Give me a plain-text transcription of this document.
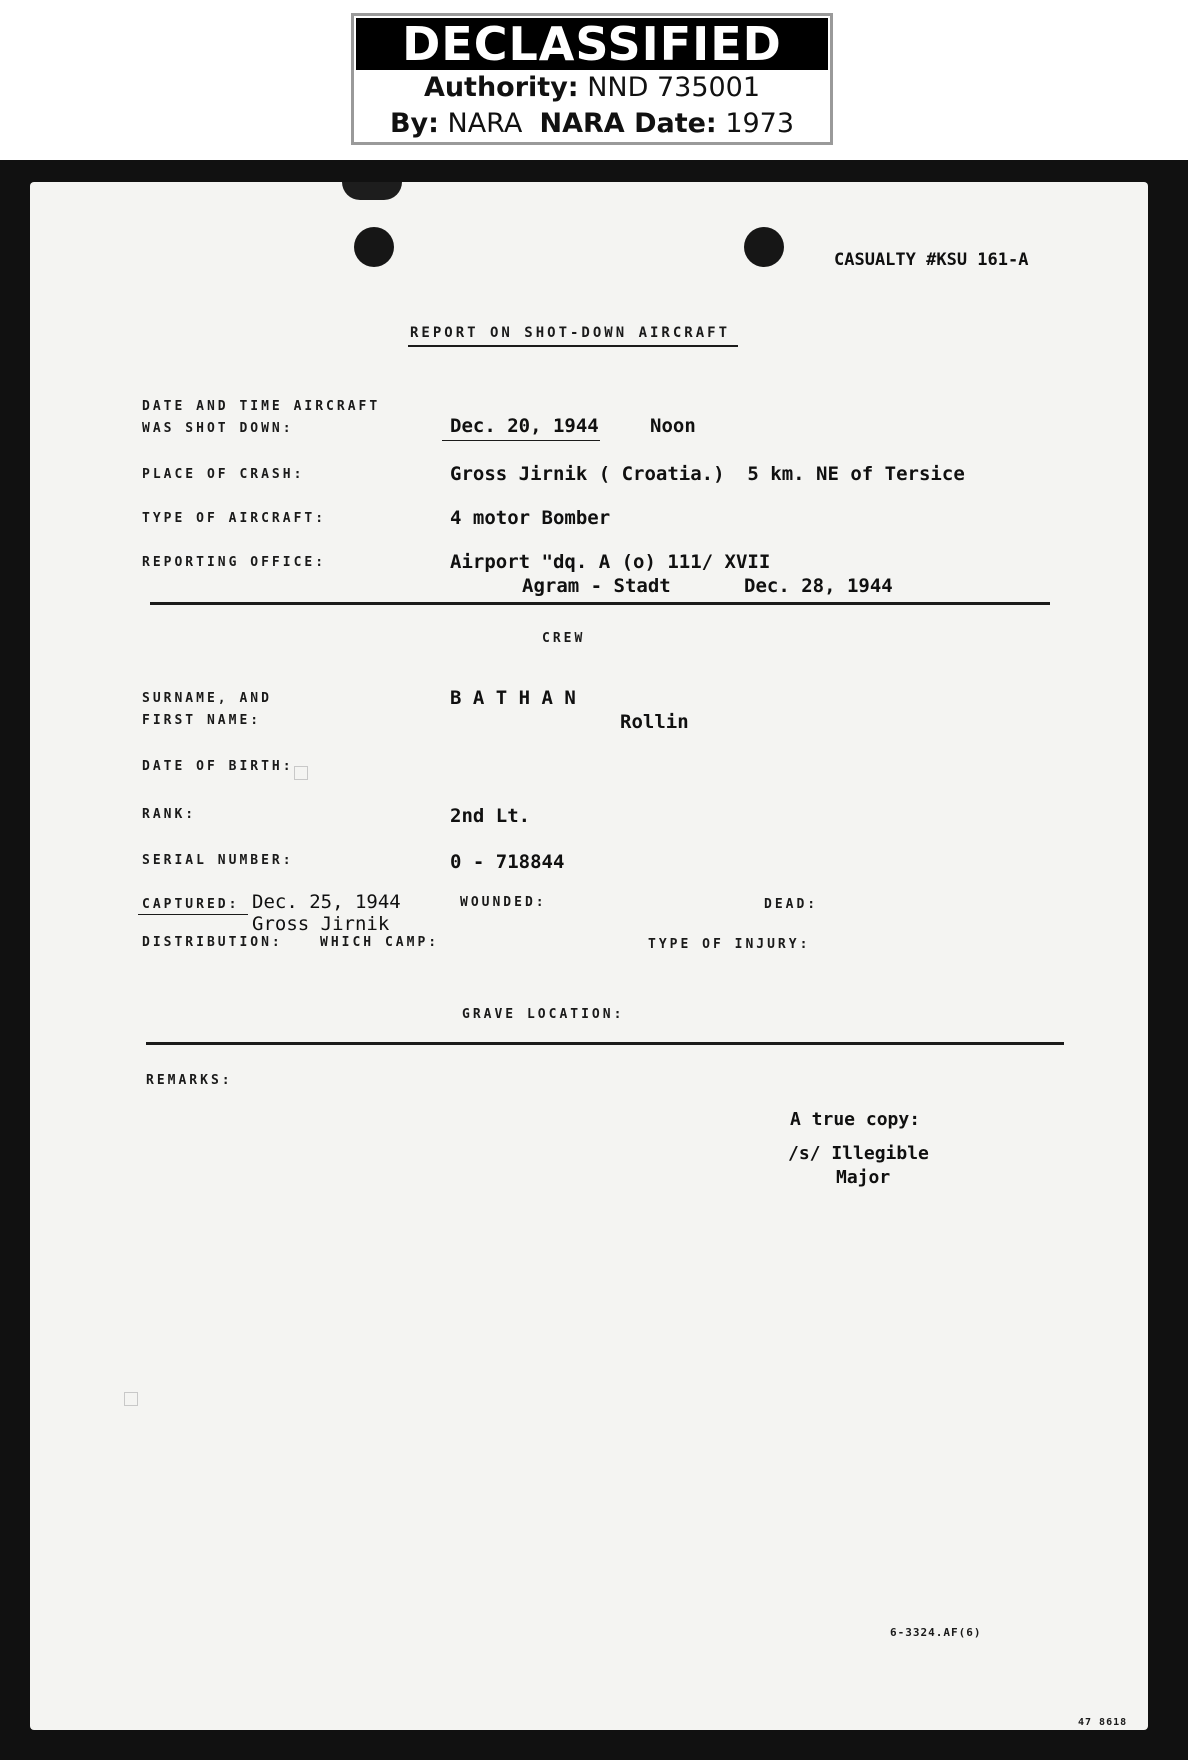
DECLASSIFIED
Authority: NND 735001
By: NARA NARA Date: 1973
CASUALTY #KSU 161-A
REPORT ON SHOT-DOWN AIRCRAFT
DATE AND TIME AIRCRAFT
WAS SHOT DOWN:	Dec. 20, 1944	Noon
PLACE OF CRASH:	Gross Jirnik ( Croatia.)  5 km. NE of Tersice
TYPE OF AIRCRAFT:	4 motor Bomber
REPORTING OFFICE:	Airport "dq. A (o) 111/ XVII
Agram - Stadt	Dec. 28, 1944
CREW
SURNAME, AND
FIRST NAME:
B A T H A N
Rollin
DATE OF BIRTH:
RANK:	2nd Lt.
SERIAL NUMBER:	0 - 718844
CAPTURED: Dec. 25, 1944
Gross Jirnik
WOUNDED:	DEAD:
DISTRIBUTION:	WHICH CAMP:	TYPE OF INJURY:
GRAVE LOCATION:
REMARKS:
A true copy:
/s/ Illegible
Major
6-3324.AF(6)
47 8618
